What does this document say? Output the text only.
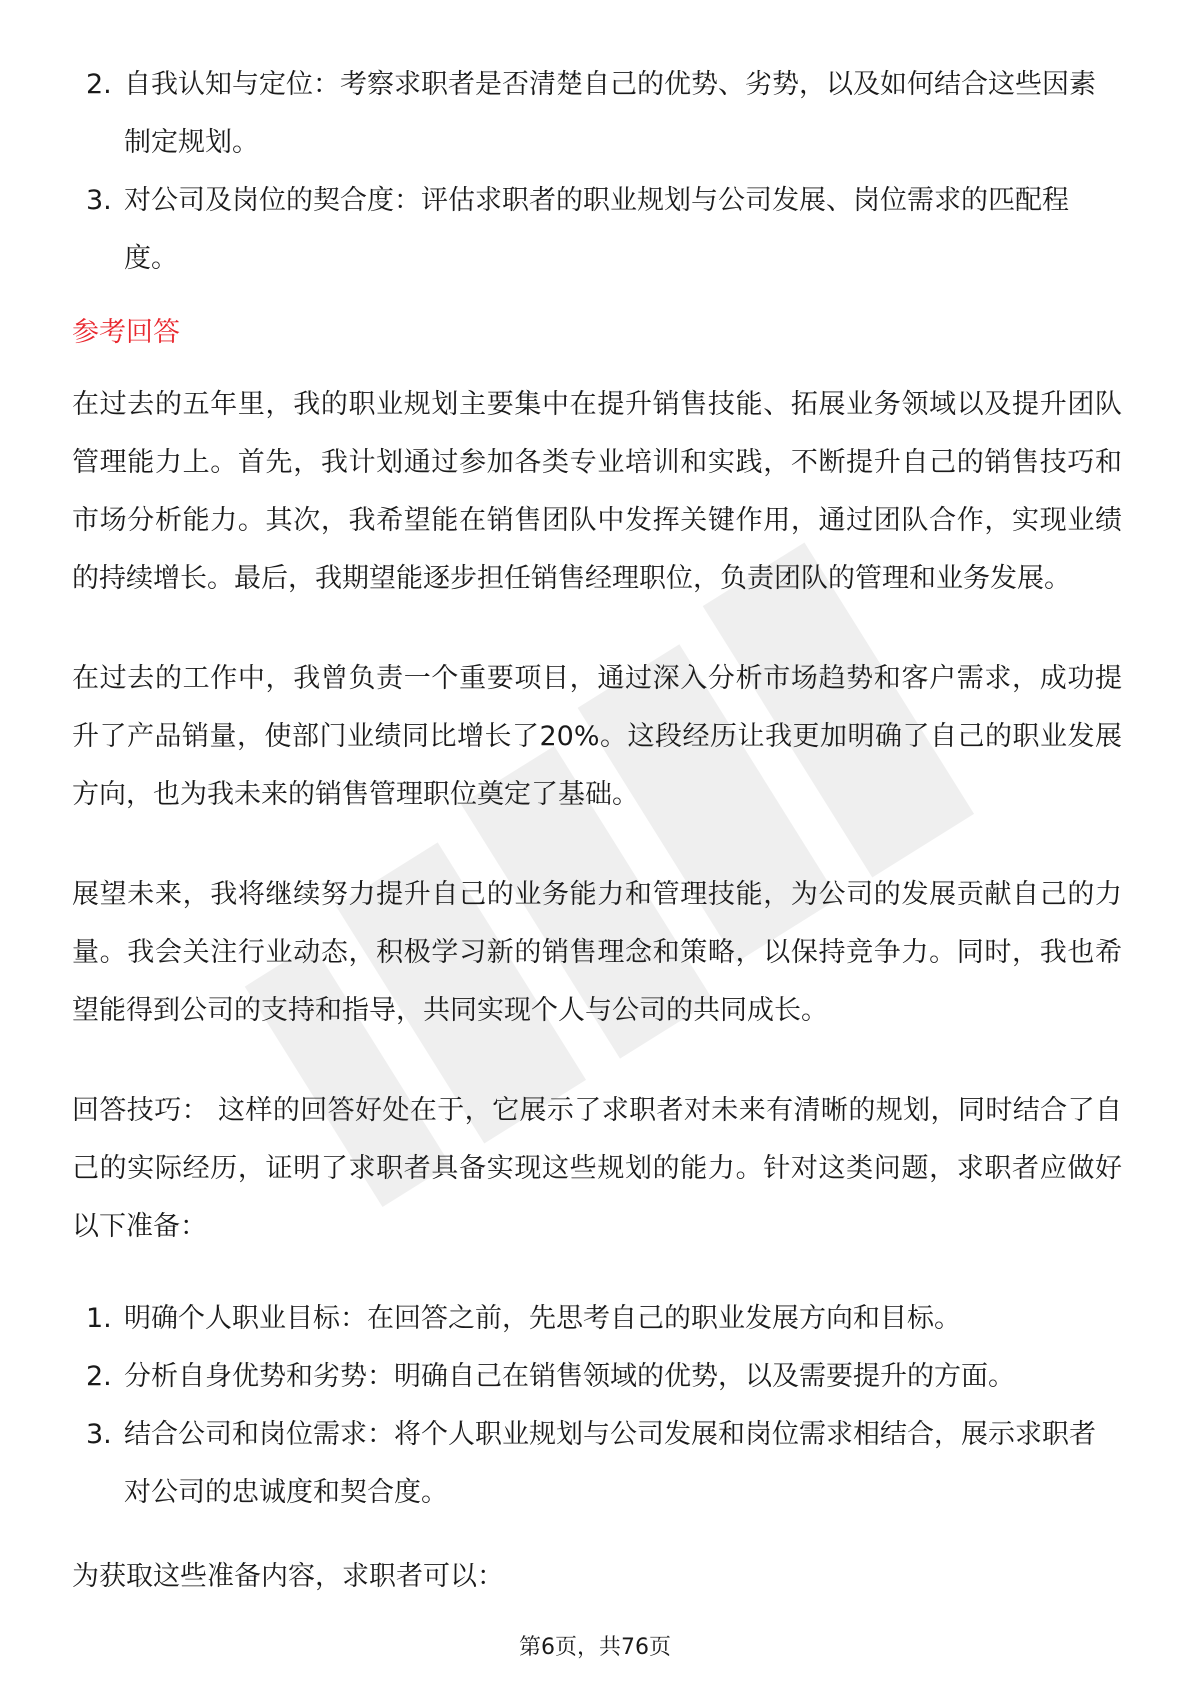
2. 自我认知与定位：考察求职者是否清楚自己的优势、劣势，以及如何结合这些因素制定规划。
3. 对公司及岗位的契合度：评估求职者的职业规划与公司发展、岗位需求的匹配程度。
参考回答

在过去的五年里，我的职业规划主要集中在提升销售技能、拓展业务领域以及提升团队管理能力上。首先，我计划通过参加各类专业培训和实践，不断提升自己的销售技巧和市场分析能力。其次，我希望能在销售团队中发挥关键作用，通过团队合作，实现业绩的持续增长。最后，我期望能逐步担任销售经理职位，负责团队的管理和业务发展。

在过去的工作中，我曾负责一个重要项目，通过深入分析市场趋势和客户需求，成功提升了产品销量，使部门业绩同比增长了20%。这段经历让我更加明确了自己的职业发展方向，也为我未来的销售管理职位奠定了基础。

展望未来，我将继续努力提升自己的业务能力和管理技能，为公司的发展贡献自己的力量。我会关注行业动态，积极学习新的销售理念和策略，以保持竞争力。同时，我也希望能得到公司的支持和指导，共同实现个人与公司的共同成长。

回答技巧： 这样的回答好处在于，它展示了求职者对未来有清晰的规划，同时结合了自己的实际经历，证明了求职者具备实现这些规划的能力。针对这类问题，求职者应做好以下准备：

1. 明确个人职业目标：在回答之前，先思考自己的职业发展方向和目标。
2. 分析自身优势和劣势：明确自己在销售领域的优势，以及需要提升的方面。
3. 结合公司和岗位需求：将个人职业规划与公司发展和岗位需求相结合，展示求职者对公司的忠诚度和契合度。

为获取这些准备内容，求职者可以：

第6页，共76页
